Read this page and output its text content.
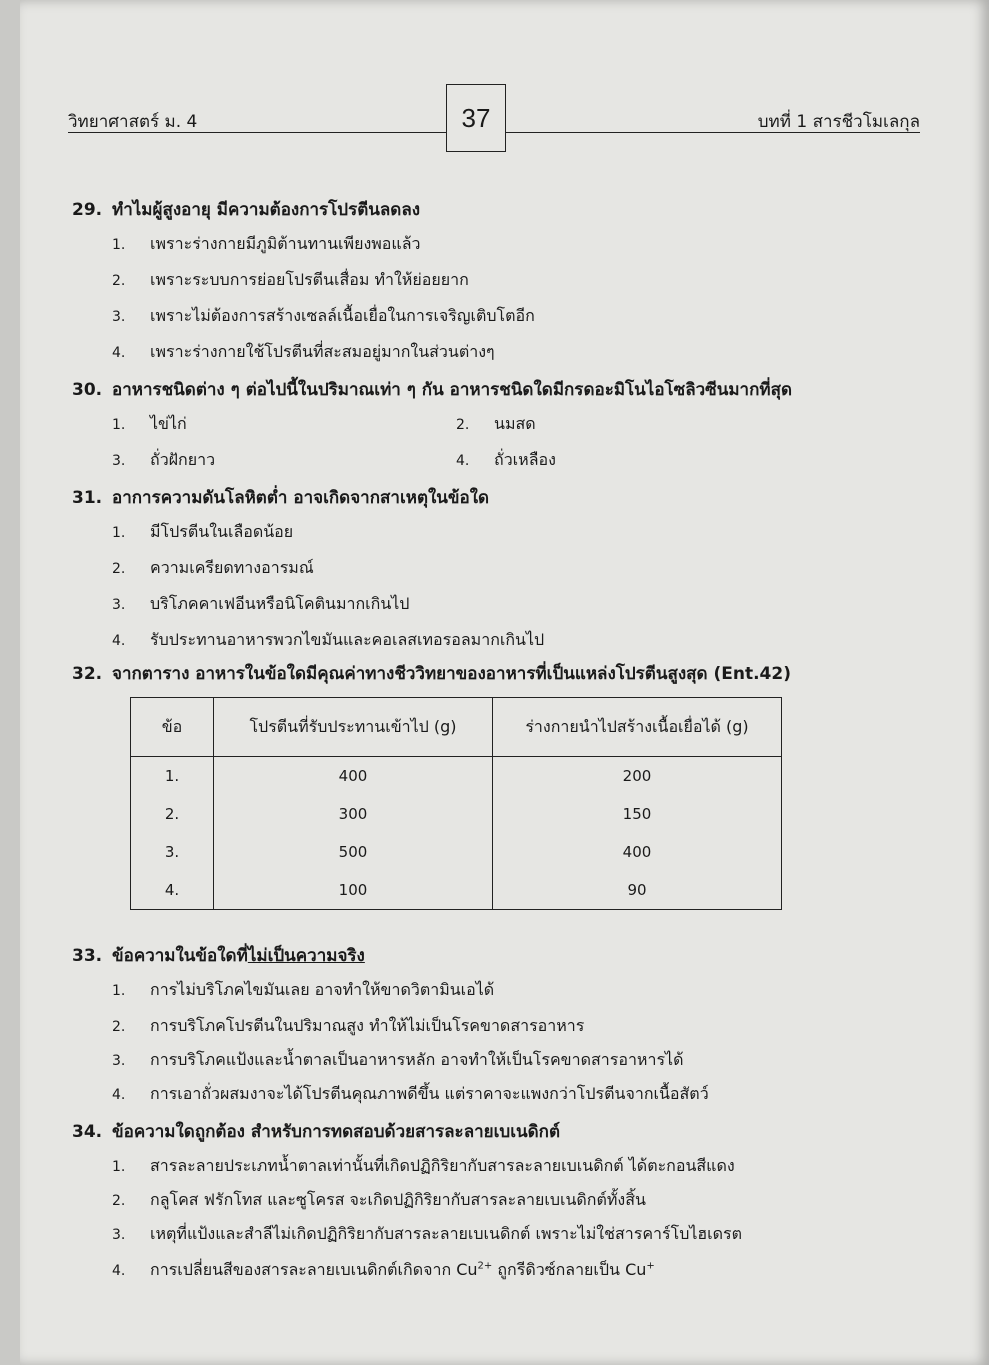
วิทยาศาสตร์ ม. 4	37	บทที่ 1 สารชีวโมเลกุล
29. ทำไมผู้สูงอายุ มีความต้องการโปรตีนลดลง
1. เพราะร่างกายมีภูมิต้านทานเพียงพอแล้ว
2. เพราะระบบการย่อยโปรตีนเสื่อม ทำให้ย่อยยาก
3. เพราะไม่ต้องการสร้างเซลล์เนื้อเยื่อในการเจริญเติบโตอีก
4. เพราะร่างกายใช้โปรตีนที่สะสมอยู่มากในส่วนต่างๆ
30. อาหารชนิดต่าง ๆ ต่อไปนี้ในปริมาณเท่า ๆ กัน อาหารชนิดใดมีกรดอะมิโนไอโซลิวซีนมากที่สุด
1. ไข่ไก่	2. นมสด
3. ถั่วฝักยาว	4. ถั่วเหลือง
31. อาการความดันโลหิตต่ำ อาจเกิดจากสาเหตุในข้อใด
1. มีโปรตีนในเลือดน้อย
2. ความเครียดทางอารมณ์
3. บริโภคคาเฟอีนหรือนิโคตินมากเกินไป
4. รับประทานอาหารพวกไขมันและคอเลสเทอรอลมากเกินไป
32. จากตาราง อาหารในข้อใดมีคุณค่าทางชีววิทยาของอาหารที่เป็นแหล่งโปรตีนสูงสุด (Ent.42)
ข้อ	โปรตีนที่รับประทานเข้าไป (g)	ร่างกายนำไปสร้างเนื้อเยื่อได้ (g)
1.	400	200
2.	300	150
3.	500	400
4.	100	90
33. ข้อความในข้อใดที่ไม่เป็นความจริง
1. การไม่บริโภคไขมันเลย อาจทำให้ขาดวิตามินเอได้
2. การบริโภคโปรตีนในปริมาณสูง ทำให้ไม่เป็นโรคขาดสารอาหาร
3. การบริโภคแป้งและน้ำตาลเป็นอาหารหลัก อาจทำให้เป็นโรคขาดสารอาหารได้
4. การเอาถั่วผสมงาจะได้โปรตีนคุณภาพดีขึ้น แต่ราคาจะแพงกว่าโปรตีนจากเนื้อสัตว์
34. ข้อความใดถูกต้อง สำหรับการทดสอบด้วยสารละลายเบเนดิกต์
1. สารละลายประเภทน้ำตาลเท่านั้นที่เกิดปฏิกิริยากับสารละลายเบเนดิกต์ ได้ตะกอนสีแดง
2. กลูโคส ฟรักโทส และซูโครส จะเกิดปฏิกิริยากับสารละลายเบเนดิกต์ทั้งสิ้น
3. เหตุที่แป้งและสำลีไม่เกิดปฏิกิริยากับสารละลายเบเนดิกต์ เพราะไม่ใช่สารคาร์โบไฮเดรต
4. การเปลี่ยนสีของสารละลายเบเนดิกต์เกิดจาก $Cu^{2+}$ ถูกรีดิวซ์กลายเป็น Cu+
